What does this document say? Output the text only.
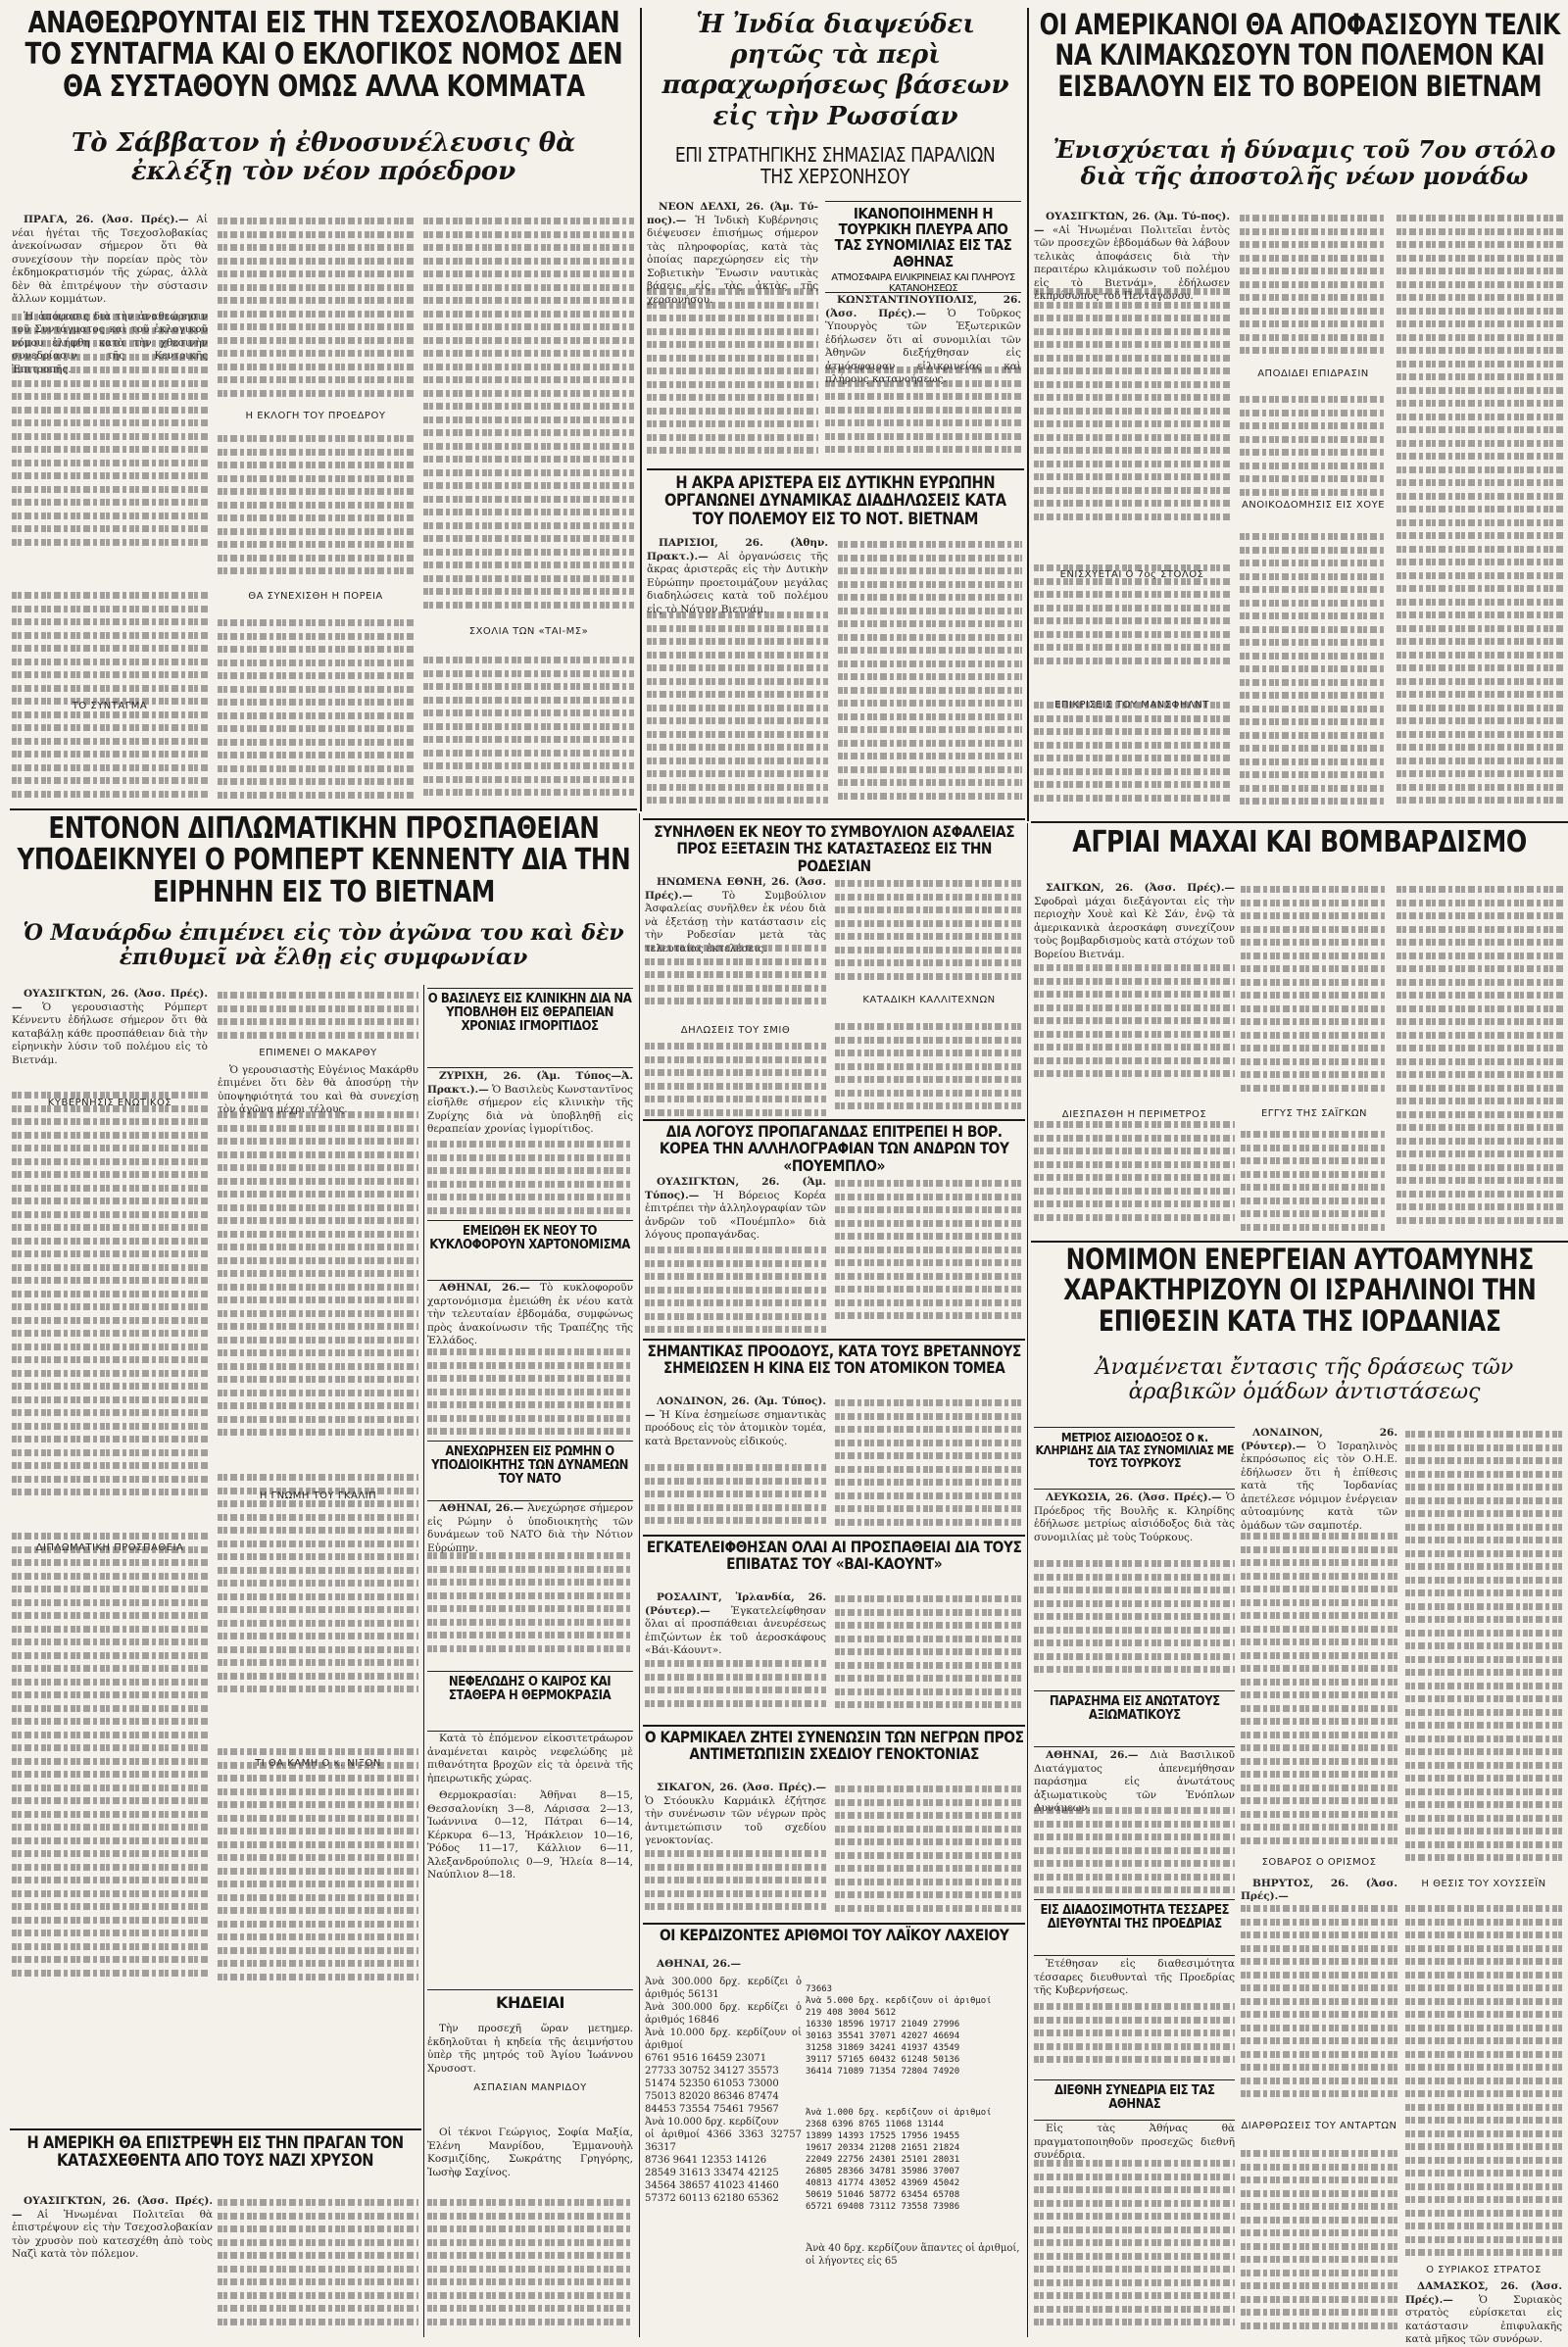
ΑΝΑΘΕΩΡΟΥΝΤΑΙ ΕΙΣ ΤΗΝ ΤΣΕΧΟΣΛΟΒΑΚΙΑΝ ΤΟ ΣΥΝΤΑΓΜΑ ΚΑΙ Ο ΕΚΛΟΓΙΚΟΣ ΝΟΜΟΣ ΔΕΝ ΘΑ ΣΥΣΤΑΘΟΥΝ ΟΜΩΣ ΑΛΛΑ ΚΟΜΜΑΤΑ
Τὸ Σάββατον ἡ ἐθνοσυνέλευσις θὰ ἐκλέξῃ τὸν νέον πρόεδρον
Ἡ Ἰνδία διαψεύδει ρητῶς τὰ περὶ παραχωρήσεως βάσεων εἰς τὴν Ρωσσίαν
ΕΠΙ ΣΤΡΑΤΗΓΙΚΗΣ ΣΗΜΑΣΙΑΣ ΠΑΡΑΛΙΩΝ ΤΗΣ ΧΕΡΣΟΝΗΣΟΥ
ΟΙ ΑΜΕΡΙΚΑΝΟΙ ΘΑ ΑΠΟΦΑΣΙΣΟΥΝ ΤΕΛΙΚ ΝΑ ΚΛΙΜΑΚΩΣΟΥΝ ΤΟΝ ΠΟΛΕΜΟΝ ΚΑΙ ΕΙΣΒΑΛΟΥΝ ΕΙΣ ΤΟ ΒΟΡΕΙΟΝ ΒΙΕΤΝΑΜ
Ἐνισχύεται ἡ δύναμις τοῦ 7ου στόλο διὰ τῆς ἀποστολῆς νέων μονάδω

ΠΡΑΓΑ, 26. (Ἀσσ. Πρές).— Αἱ νέαι ἡγέται τῆς Τσεχοσλοβακίας ἀνεκοίνωσαν σήμερον ὅτι θὰ συνεχίσουν τὴν πορείαν πρὸς τὸν ἐκδημοκρατισμόν τῆς χώρας, ἀλλὰ δὲν θὰ ἐπιτρέψουν τὴν σύστασιν ἄλλων κομμάτων.

Ἡ ἀπόφασις διὰ τὴν ἀναθεώρησιν τοῦ Συντάγματος καὶ τοῦ ἐκλογικοῦ νόμου ἐλήφθη κατὰ τὴν χθεσινὴν συνεδρίασιν τῆς Κεντρικῆς Ἐπιτροπῆς.

ΤΟ ΣΥΝΤΑΓΜΑ
Η ΕΚΛΟΓΗ ΤΟΥ ΠΡΟΕΔΡΟΥ
ΘΑ ΣΥΝΕΧΙΣΘΗ Η ΠΟΡΕΙΑ
ΣΧΟΛΙΑ ΤΩΝ «ΤΑΙ-ΜΣ»

ΝΕΟΝ ΔΕΛΧΙ, 26. (Ἁμ. Τύ-πος).— Ἡ Ἰνδικὴ Κυβέρνησις διέψευσεν ἐπισήμως σήμερον τὰς πληροφορίας, κατὰ τὰς ὁποίας παρεχώρησεν εἰς τὴν Σοβιετικὴν Ἕνωσιν ναυτικὰς βάσεις εἰς τὰς ἀκτὰς τῆς χερσονήσου.

ΙΚΑΝΟΠΟΙΗΜΕΝΗ Η ΤΟΥΡΚΙΚΗ ΠΛΕΥΡΑ ΑΠΟ ΤΑΣ ΣΥΝΟΜΙΛΙΑΣ ΕΙΣ ΤΑΣ ΑΘΗΝΑΣ
ΑΤΜΟΣΦΑΙΡΑ ΕΙΛΙΚΡΙΝΕΙΑΣ ΚΑΙ ΠΛΗΡΟΥΣ ΚΑΤΑΝΟΗΣΕΩΣ

ΚΩΝΣΤΑΝΤΙΝΟΥΠΟΛΙΣ, 26. (Ἀσσ. Πρές).— Ὁ Τοῦρκος Ὑπουργὸς τῶν Ἐξωτερικῶν ἐδήλωσεν ὅτι αἱ συνομιλίαι τῶν Ἀθηνῶν διεξήχθησαν εἰς ἀτμόσφαιραν εἰλικρινείας καὶ πλήρους κατανοήσεως.

Η ΑΚΡΑ ΑΡΙΣΤΕΡΑ ΕΙΣ ΔΥΤΙΚΗΝ ΕΥΡΩΠΗΝ ΟΡΓΑΝΩΝΕΙ ΔΥΝΑΜΙΚΑΣ ΔΙΑΔΗΛΩΣΕΙΣ ΚΑΤΑ ΤΟΥ ΠΟΛΕΜΟΥ ΕΙΣ ΤΟ ΝΟΤ. ΒΙΕΤΝΑΜ

ΠΑΡΙΣΙΟΙ, 26. (Ἀθην. Πρακτ.).— Αἱ ὀργανώσεις τῆς ἄκρας ἀριστερᾶς εἰς τὴν Δυτικὴν Εὐρώπην προετοιμάζουν μεγάλας διαδηλώσεις κατὰ τοῦ πολέμου εἰς τὸ Νότιον Βιετνάμ.

ΟΥΑΣΙΓΚΤΩΝ, 26. (Ἁμ. Τύ-πος).— «Αἱ Ἡνωμέναι Πολιτεῖαι ἐντὸς τῶν προσεχῶν ἑβδομάδων θὰ λάβουν τελικὰς ἀποφάσεις διὰ τὴν περαιτέρω κλιμάκωσιν τοῦ πολέμου εἰς τὸ Βιετνάμ», ἐδήλωσεν ἐκπρόσωπος τοῦ Πενταγώνου.

ΕΝΙΣΧΥΕΤΑΙ Ο 7ος ΣΤΟΛΟΣ
ΕΠΙΚΡΙΣΕΙΣ ΤΟΥ ΜΑΝΣΦΗΛΝΤ
ΑΠΟΔΙΔΕΙ ΕΠΙΔΡΑΣΙΝ
ΑΝΟΙΚΟΔΟΜΗΣΙΣ ΕΙΣ ΧΟΥΕ
ΕΝΤΟΝΟΝ ΔΙΠΛΩΜΑΤΙΚΗΝ ΠΡΟΣΠΑΘΕΙΑΝ ΥΠΟΔΕΙΚΝΥΕΙ Ο ΡΟΜΠΕΡΤ ΚΕΝΝΕΝΤΥ ΔΙΑ ΤΗΝ ΕΙΡΗΝΗΝ ΕΙΣ ΤΟ ΒΙΕΤΝΑΜ
Ὁ Μαυάρδω ἐπιμένει εἰς τὸν ἀγῶνα του καὶ δὲν ἐπιθυμεῖ νὰ ἔλθῃ εἰς συμφωνίαν

ΟΥΑΣΙΓΚΤΩΝ, 26. (Ἀσσ. Πρές).— Ὁ γερουσιαστὴς Ρόμπερτ Κέννεντυ ἐδήλωσε σήμερον ὅτι θὰ καταβάλῃ κάθε προσπάθειαν διὰ τὴν εἰρηνικὴν λύσιν τοῦ πολέμου εἰς τὸ Βιετνάμ.

ΚΥΒΕΡΝΗΣΙΣ ΕΝΩΤΙΚΟΣ
ΔΙΠΛΩΜΑΤΙΚΗ ΠΡΟΣΠΑΘΕΙΑ
ΕΠΙΜΕΝΕΙ Ο ΜΑΚΑΡΘΥ

Ὁ γερουσιαστὴς Εὐγένιος Μακάρθυ ἐπιμένει ὅτι δὲν θὰ ἀποσύρῃ τὴν ὑποψηφιότητά του καὶ θὰ συνεχίσῃ τὸν ἀγῶνα μέχρι τέλους.

Η ΓΝΩΜΗ ΤΟΥ ΓΚΑΛΙΠ
ΤΙ ΘΑ ΚΑΜΗ Ο κ. ΝΙΞΟΝ
Ο ΒΑΣΙΛΕΥΣ ΕΙΣ ΚΛΙΝΙΚΗΝ ΔΙΑ ΝΑ ΥΠΟΒΛΗΘΗ ΕΙΣ ΘΕΡΑΠΕΙΑΝ ΧΡΟΝΙΑΣ ΙΓΜΟΡΙΤΙΔΟΣ

ΖΥΡΙΧΗ, 26. (Ἁμ. Τύπος—Ἀ. Πρακτ.).— Ὁ Βασιλεὺς Κωνσταντῖνος εἰσῆλθε σήμερον εἰς κλινικὴν τῆς Ζυρίχης διὰ νὰ ὑποβληθῇ εἰς θεραπείαν χρονίας ἰγμορίτιδος.

ΕΜΕΙΩΘΗ ΕΚ ΝΕΟΥ ΤΟ ΚΥΚΛΟΦΟΡΟΥΝ ΧΑΡΤΟΝΟΜΙΣΜΑ

ΑΘΗΝΑΙ, 26.— Τὸ κυκλοφοροῦν χαρτονόμισμα ἐμειώθη ἐκ νέου κατὰ τὴν τελευταίαν ἑβδομάδα, συμφώνως πρὸς ἀνακοίνωσιν τῆς Τραπέζης τῆς Ἑλλάδος.

ΑΝΕΧΩΡΗΣΕΝ ΕΙΣ ΡΩΜΗΝ Ο ΥΠΟΔΙΟΙΚΗΤΗΣ ΤΩΝ ΔΥΝΑΜΕΩΝ ΤΟΥ ΝΑΤΟ

ΑΘΗΝΑΙ, 26.— Ἀνεχώρησε σήμερον εἰς Ρώμην ὁ ὑποδιοικητὴς τῶν δυνάμεων τοῦ ΝΑΤΟ διὰ τὴν Νότιον Εὐρώπην.

ΝΕΦΕΛΩΔΗΣ Ο ΚΑΙΡΟΣ ΚΑΙ ΣΤΑΘΕΡΑ Η ΘΕΡΜΟΚΡΑΣΙΑ

Κατὰ τὸ ἑπόμενον εἰκοσιτετράωρον ἀναμένεται καιρὸς νεφελώδης μὲ πιθανότητα βροχῶν εἰς τὰ ὀρεινὰ τῆς ἠπειρωτικῆς χώρας.

Θερμοκρασίαι: Ἀθῆναι 8—15, Θεσσαλονίκη 3—8, Λάρισσα 2—13, Ἰωάννινα 0—12, Πάτραι 6—14, Κέρκυρα 6—13, Ἡράκλειον 10—16, Ῥόδος 11—17, Κάλλιον 6—11, Ἀλεξανδρούπολις 0—9, Ἠλεία 8—14, Ναύπλιον 8—18.

ΚΗΔΕΙΑΙ

Τὴν προσεχῆ ὥραν μετημερ. ἐκδηλοῦται ἡ κηδεία τῆς ἀειμνήστου ὑπὲρ τῆς μητρός τοῦ Ἁγίου Ἰωάννου Χρυσοστ.

ΑΣΠΑΣΙΑΝ ΜΑΝΡΙΔΟΥ
Η ΑΜΕΡΙΚΗ ΘΑ ΕΠΙΣΤΡΕΨΗ ΕΙΣ ΤΗΝ ΠΡΑΓΑΝ ΤΟΝ ΚΑΤΑΣΧΕΘΕΝΤΑ ΑΠΟ ΤΟΥΣ ΝΑΖΙ ΧΡΥΣΟΝ

ΟΥΑΣΙΓΚΤΩΝ, 26. (Ἀσσ. Πρές).— Αἱ Ἡνωμέναι Πολιτεῖαι θὰ ἐπιστρέψουν εἰς τὴν Τσεχοσλοβακίαν τὸν χρυσὸν ποὺ κατεσχέθη ἀπὸ τοὺς Ναζὶ κατὰ τὸν πόλεμον.

Οἱ τέκνοι Γεώργιος, Σοφία Μαξία, Ἑλένη Μανρίδου, Ἑμμανουὴλ Κοσμιζίδης, Σωκράτης Γρηγόρης, Ἰωσὴφ Σαχίνος.

ΣΥΝΗΛΘΕΝ ΕΚ ΝΕΟΥ ΤΟ ΣΥΜΒΟΥΛΙΟΝ ΑΣΦΑΛΕΙΑΣ ΠΡΟΣ ΕΞΕΤΑΣΙΝ ΤΗΣ ΚΑΤΑΣΤΑΣΕΩΣ ΕΙΣ ΤΗΝ ΡΟΔΕΣΙΑΝ

ΗΝΩΜΕΝΑ ΕΘΝΗ, 26. (Ἀσσ. Πρές).—	Τὸ Συμβούλιον Ἀσφαλείας συνῆλθεν ἐκ νέου διὰ νὰ ἐξετάσῃ τὴν κατάστασιν εἰς τὴν Ροδεσίαν μετὰ τὰς τελευταίας ἐκτελέσεις.

ΔΗΛΩΣΕΙΣ ΤΟΥ ΣΜΙΘ
ΚΑΤΑΔΙΚΗ ΚΑΛΛΙΤΕΧΝΩΝ
ΔΙΑ ΛΟΓΟΥΣ ΠΡΟΠΑΓΑΝΔΑΣ ΕΠΙΤΡΕΠΕΙ Η ΒΟΡ. ΚΟΡΕΑ ΤΗΝ ΑΛΛΗΛΟΓΡΑΦΙΑΝ ΤΩΝ ΑΝΔΡΩΝ ΤΟΥ «ΠΟΥΕΜΠΛΟ»

ΟΥΑΣΙΓΚΤΩΝ, 26. (Ἁμ. Τύπος).— Ἡ Βόρειος Κορέα ἐπιτρέπει τὴν ἀλληλογραφίαν τῶν ἀνδρῶν τοῦ «Πουέμπλο» διὰ λόγους προπαγάνδας.

ΣΗΜΑΝΤΙΚΑΣ ΠΡΟΟΔΟΥΣ, ΚΑΤΑ ΤΟΥΣ ΒΡΕΤΑΝΝΟΥΣ ΣΗΜΕΙΩΣΕΝ Η ΚΙΝΑ ΕΙΣ ΤΟΝ ΑΤΟΜΙΚΟΝ ΤΟΜΕΑ

ΛΟΝΔΙΝΟΝ, 26. (Ἁμ. Τύπος).— Ἡ Κίνα ἐσημείωσε σημαντικὰς προόδους εἰς τὸν ἀτομικὸν τομέα, κατὰ Βρεταννοὺς εἰδικούς.

ΕΓΚΑΤΕΛΕΙΦΘΗΣΑΝ ΟΛΑΙ ΑΙ ΠΡΟΣΠΑΘΕΙΑΙ ΔΙΑ ΤΟΥΣ ΕΠΙΒΑΤΑΣ ΤΟΥ «ΒΑΙ-ΚΑΟΥΝΤ»

ΡΟΣΑΛΙΝΤ, Ἰρλανδία, 26. (Ρόυτερ).— Ἐγκατελείφθησαν ὅλαι αἱ προσπάθειαι ἀνευρέσεως ἐπιζώντων ἐκ τοῦ ἀεροσκάφους «Βάι-Κάουντ».

Ο ΚΑΡΜΙΚΑΕΛ ΖΗΤΕΙ ΣΥΝΕΝΩΣΙΝ ΤΩΝ ΝΕΓΡΩΝ ΠΡΟΣ ΑΝΤΙΜΕΤΩΠΙΣΙΝ ΣΧΕΔΙΟΥ ΓΕΝΟΚΤΟΝΙΑΣ

ΣΙΚΑΓΟΝ, 26. (Ἀσσ. Πρές).— Ὁ Στόουκλυ Καρμάικλ ἐζήτησε τὴν συνένωσιν τῶν νέγρων πρὸς ἀντιμετώπισιν τοῦ σχεδίου γενοκτονίας.

ΟΙ ΚΕΡΔΙΖΟΝΤΕΣ ΑΡΙΘΜΟΙ ΤΟΥ ΛΑΪΚΟΥ ΛΑΧΕΙΟΥ

ΑΘΗΝΑΙ, 26.—

Ἀνὰ 300.000 δρχ. κερδίζει ὁ ἀριθμός 56131
Ἀνὰ 300.000 δρχ. κερδίζει ὁ ἀριθμός 16846
Ἀνὰ 10.000 δρχ. κερδίζουν οἱ ἀριθμοί
6761 9516 16459 23071
27733 30752 34127 35573
51474 52350 61053 73000
75013 82020 86346 87474
84453 73554 75461 79567
Ἀνὰ 10.000 δρχ. κερδίζουν
οἱ ἀριθμοί 4366 3363 32757 36317
8736 9641 12353 14126
28549 31613 33474 42125
34564 38657 41023 41460
57372 60113 62180 65362

73663
Ἀνὰ 5.000 δρχ. κερδίζουν οἱ ἀριθμοί
219 408 3004 5612
16330 18596 19717 21049 27996
30163 35541 37071 42027 46694
31258 31869 34241 41937 43549
39117 57165 60432 61248 50136
36414 71089 71354 72804 74920

Ἀνὰ 1.000 δρχ. κερδίζουν οἱ ἀριθμοί
2368 6396 8765 11068 13144
13899 14393 17525 17956 19455
19617 20334 21208 21651 21824
22049 22756 24301 25101 28031
26805 28366 34781 35986 37007
40813 41774 43052 43969 45042
50619 51046 58772 63454 65708
65721 69408 73112 73558 73986

Ἀνὰ 40 δρχ. κερδίζουν ἅπαντες οἱ ἀριθμοί, οἱ λήγοντες εἰς 65

ΑΓΡΙΑΙ ΜΑΧΑΙ ΚΑΙ ΒΟΜΒΑΡΔΙΣΜΟ

ΣΑΙΓΚΩΝ, 26. (Ἀσσ. Πρές).— Σφοδραὶ μάχαι διεξάγονται εἰς τὴν περιοχὴν Χουὲ καὶ Κὲ Σάν, ἐνῷ τὰ ἀμερικανικὰ ἀεροσκάφη συνεχίζουν τοὺς βομβαρδισμοὺς κατὰ στόχων τοῦ Βορείου Βιετνάμ.

ΔΙΕΣΠΑΣΘΗ Η ΠΕΡΙΜΕΤΡΟΣ	ΕΓΓΥΣ ΤΗΣ ΣΑΪΓΚΩΝ
ΝΟΜΙΜΟΝ ΕΝΕΡΓΕΙΑΝ ΑΥΤΟΑΜΥΝΗΣ ΧΑΡΑΚΤΗΡΙΖΟΥΝ ΟΙ ΙΣΡΑΗΛΙΝΟΙ ΤΗΝ ΕΠΙΘΕΣΙΝ ΚΑΤΑ ΤΗΣ ΙΟΡΔΑΝΙΑΣ
Ἀναμένεται ἔντασις τῆς δράσεως τῶν ἀραβικῶν ὁμάδων ἀντιστάσεως
ΜΕΤΡΙΟΣ ΑΙΣΙΟΔΟΞΟΣ Ο κ. ΚΛΗΡΙΔΗΣ ΔΙΑ ΤΑΣ ΣΥΝΟΜΙΛΙΑΣ ΜΕ ΤΟΥΣ ΤΟΥΡΚΟΥΣ

ΛΕΥΚΩΣΙΑ, 26. (Ἀσσ. Πρές).— Ὁ Πρόεδρος τῆς Βουλῆς κ. Κληρίδης ἐδήλωσε μετρίως αἰσιόδοξος διὰ τὰς συνομιλίας μὲ τοὺς Τούρκους.

ΠΑΡΑΣΗΜΑ ΕΙΣ ΑΝΩΤΑΤΟΥΣ ΑΞΙΩΜΑΤΙΚΟΥΣ

ΑΘΗΝΑΙ, 26.— Διὰ Βασιλικοῦ Διατάγματος ἀπενεμήθησαν παράσημα εἰς ἀνωτάτους ἀξιωματικοὺς τῶν Ἐνόπλων Δυνάμεων.

ΕΙΣ ΔΙΑΔΟΣΙΜΟΤΗΤΑ ΤΕΣΣΑΡΕΣ ΔΙΕΥΘΥΝΤΑΙ ΤΗΣ ΠΡΟΕΔΡΙΑΣ

Ἐτέθησαν εἰς διαθεσιμότητα τέσσαρες διευθυνταὶ τῆς Προεδρίας τῆς Κυβερνήσεως.

ΔΙΕΘΝΗ ΣΥΝΕΔΡΙΑ ΕΙΣ ΤΑΣ ΑΘΗΝΑΣ

Εἰς τὰς Ἀθήνας θὰ πραγματοποιηθοῦν προσεχῶς διεθνῆ συνέδρια.

ΛΟΝΔΙΝΟΝ, 26. (Ρόυτερ).— Ὁ Ἰσραηλινὸς ἐκπρόσωπος εἰς τὸν Ο.Η.Ε. ἐδήλωσεν ὅτι ἡ ἐπίθεσις κατὰ τῆς Ἰορδανίας ἀπετέλεσε νόμιμον ἐνέργειαν αὐτοαμύνης κατὰ τῶν ὁμάδων τῶν σαμποτέρ.

ΣΟΒΑΡΟΣ Ο ΟΡΙΣΜΟΣ

ΒΗΡΥΤΟΣ, 26. (Ἀσσ. Πρές).—

ΔΙΑΡΘΡΩΣΕΙΣ ΤΟΥ ΑΝΤΑΡΤΩΝ
Η ΘΕΣΙΣ ΤΟΥ ΧΟΥΣΣΕΪΝ
Ο ΣΥΡΙΑΚΟΣ ΣΤΡΑΤΟΣ

ΔΑΜΑΣΚΟΣ, 26. (Ἀσσ. Πρές).— Ὁ Συριακὸς στρατὸς εὑρίσκεται εἰς κατάστασιν ἐπιφυλακῆς κατὰ μῆκος τῶν συνόρων.
